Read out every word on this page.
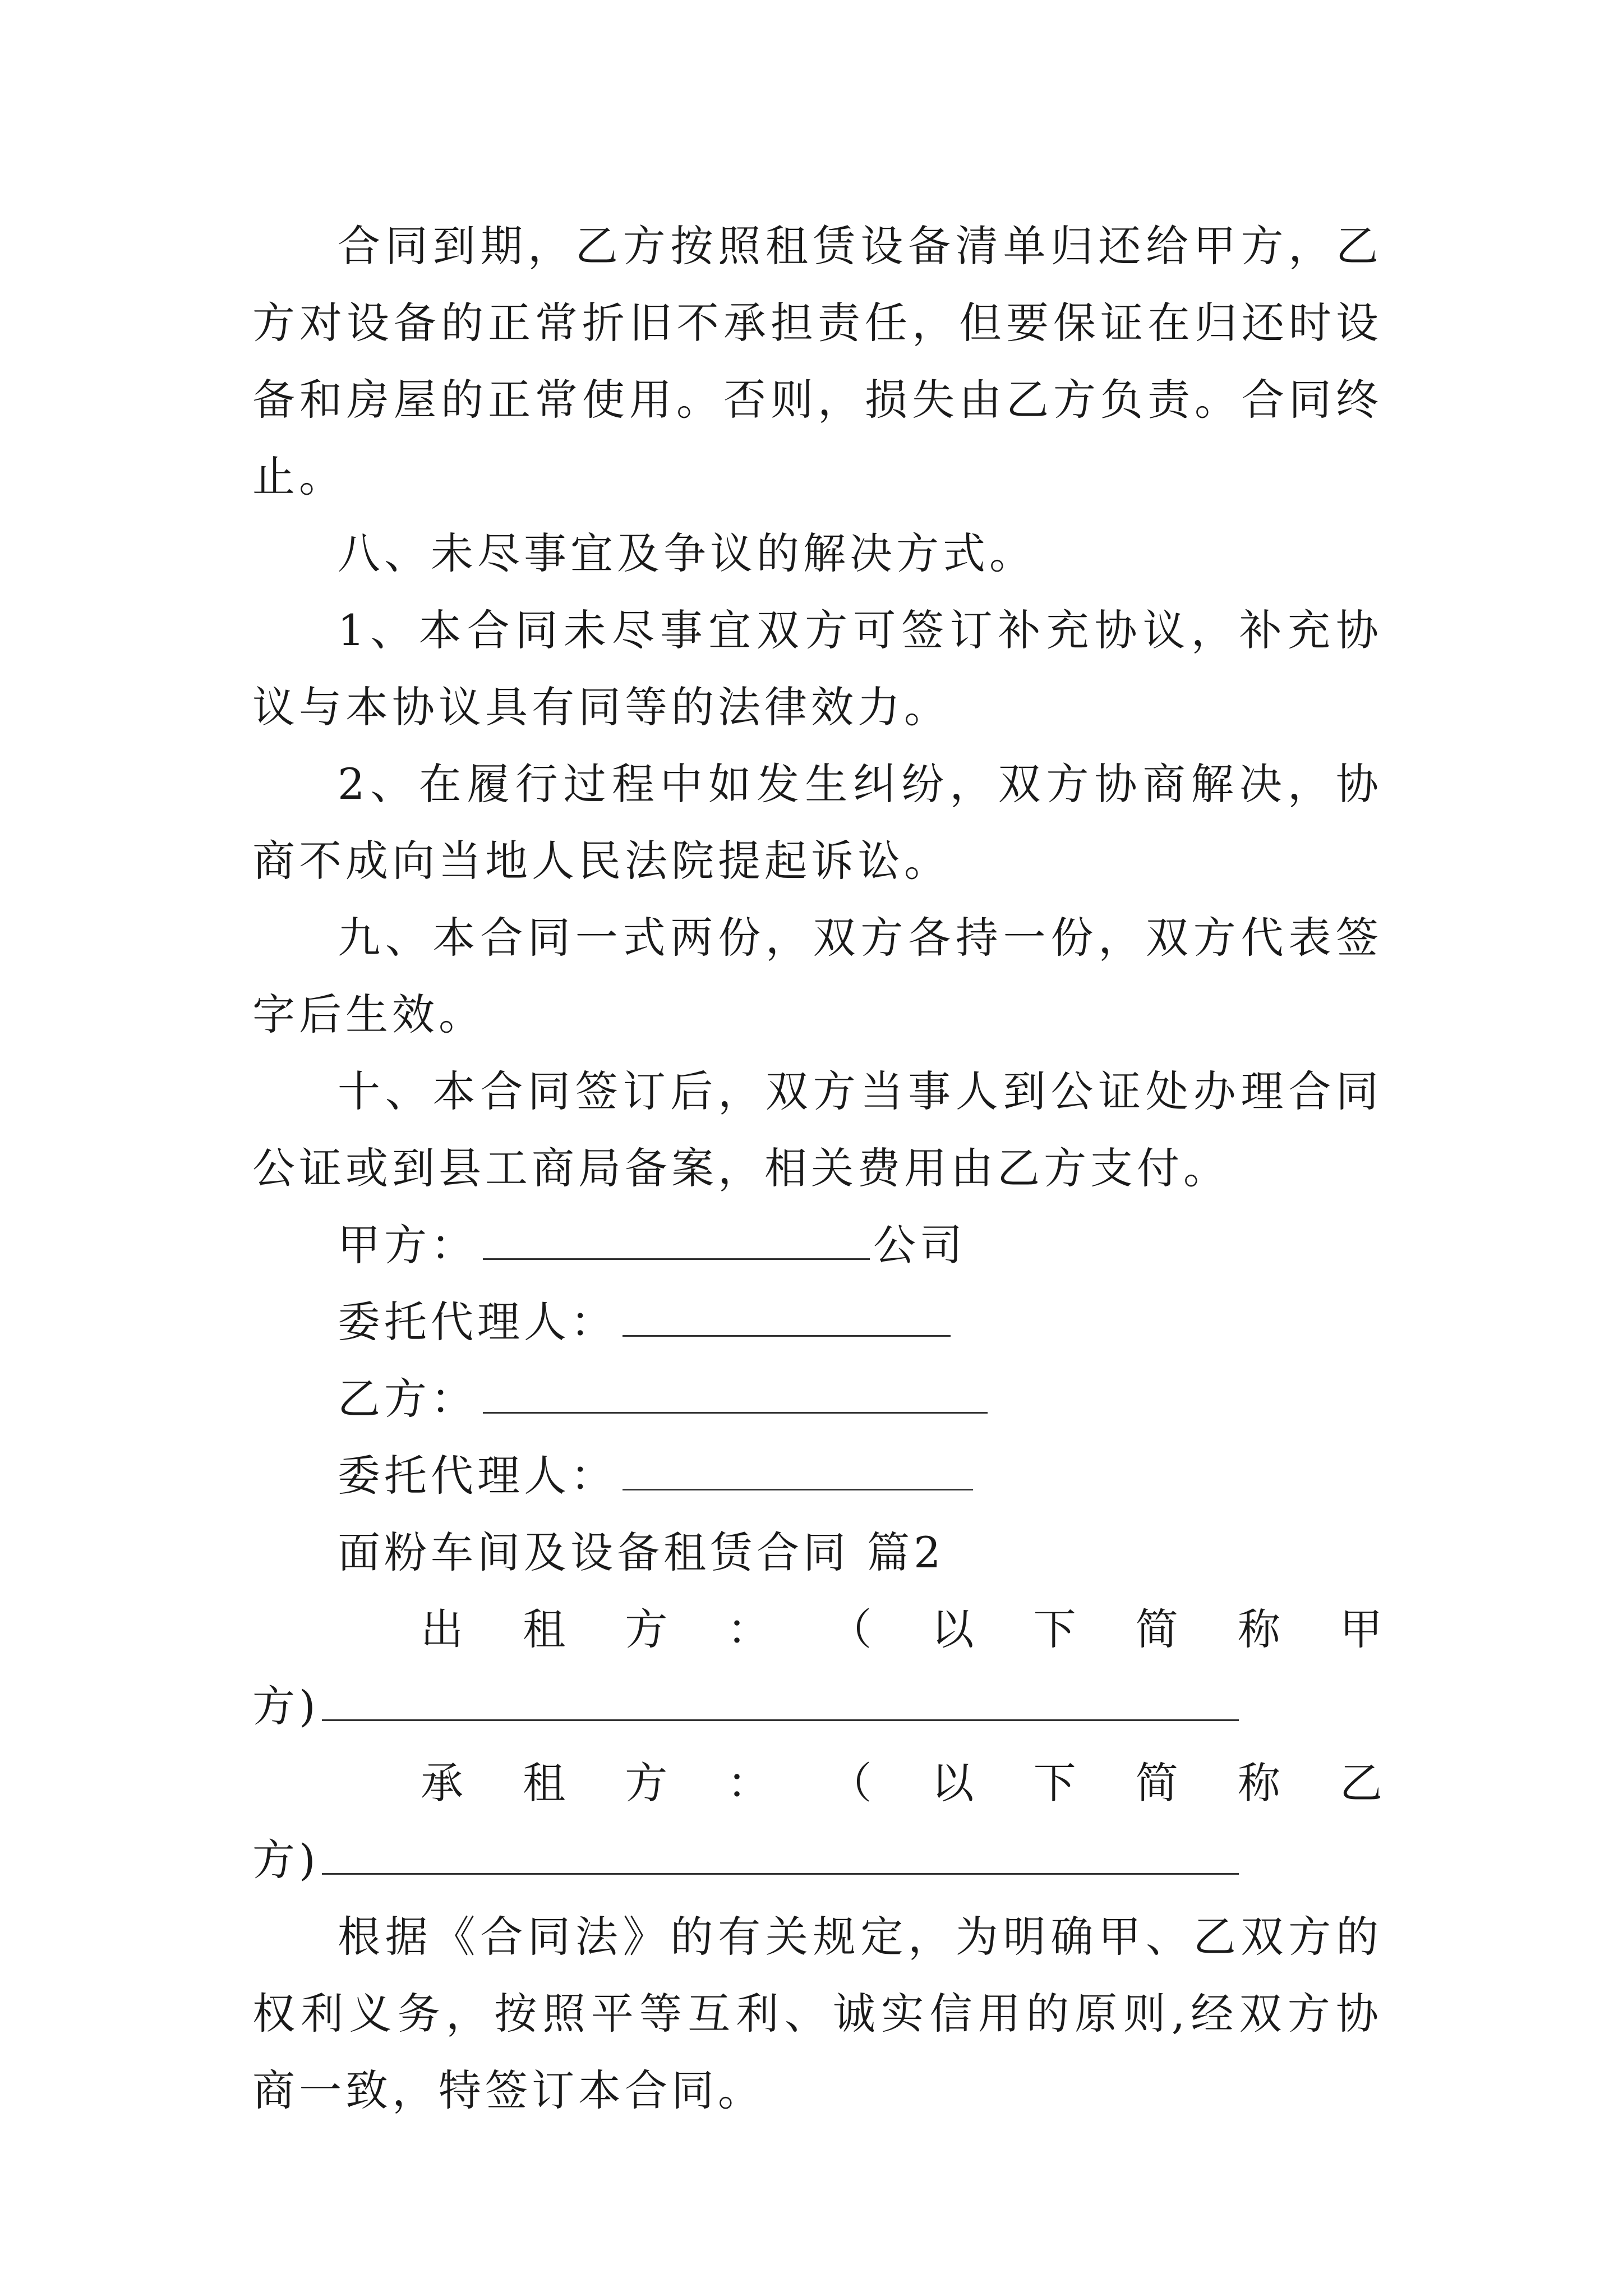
合同到期，乙方按照租赁设备清单归还给甲方，乙方对设备的正常折旧不承担责任，但要保证在归还时设备和房屋的正常使用。否则，损失由乙方负责。合同终止。

八、未尽事宜及争议的解决方式。

1、本合同未尽事宜双方可签订补充协议，补充协议与本协议具有同等的法律效力。

2、在履行过程中如发生纠纷，双方协商解决，协商不成向当地人民法院提起诉讼。

九、本合同一式两份，双方各持一份，双方代表签字后生效。

十、本合同签订后，双方当事人到公证处办理合同公证或到县工商局备案，相关费用由乙方支付。

甲方：	公司
委托代理人：
乙方：
委托代理人：

面粉车间及设备租赁合同 篇2

出 租 方 ： （ 以 下 简 称 甲
方)
承 租 方 ： （ 以 下 简 称 乙
方)

根据《合同法》的有关规定，为明确甲、乙双方的权利义务，按照平等互利、诚实信用的原则,经双方协商一致，特签订本合同。
